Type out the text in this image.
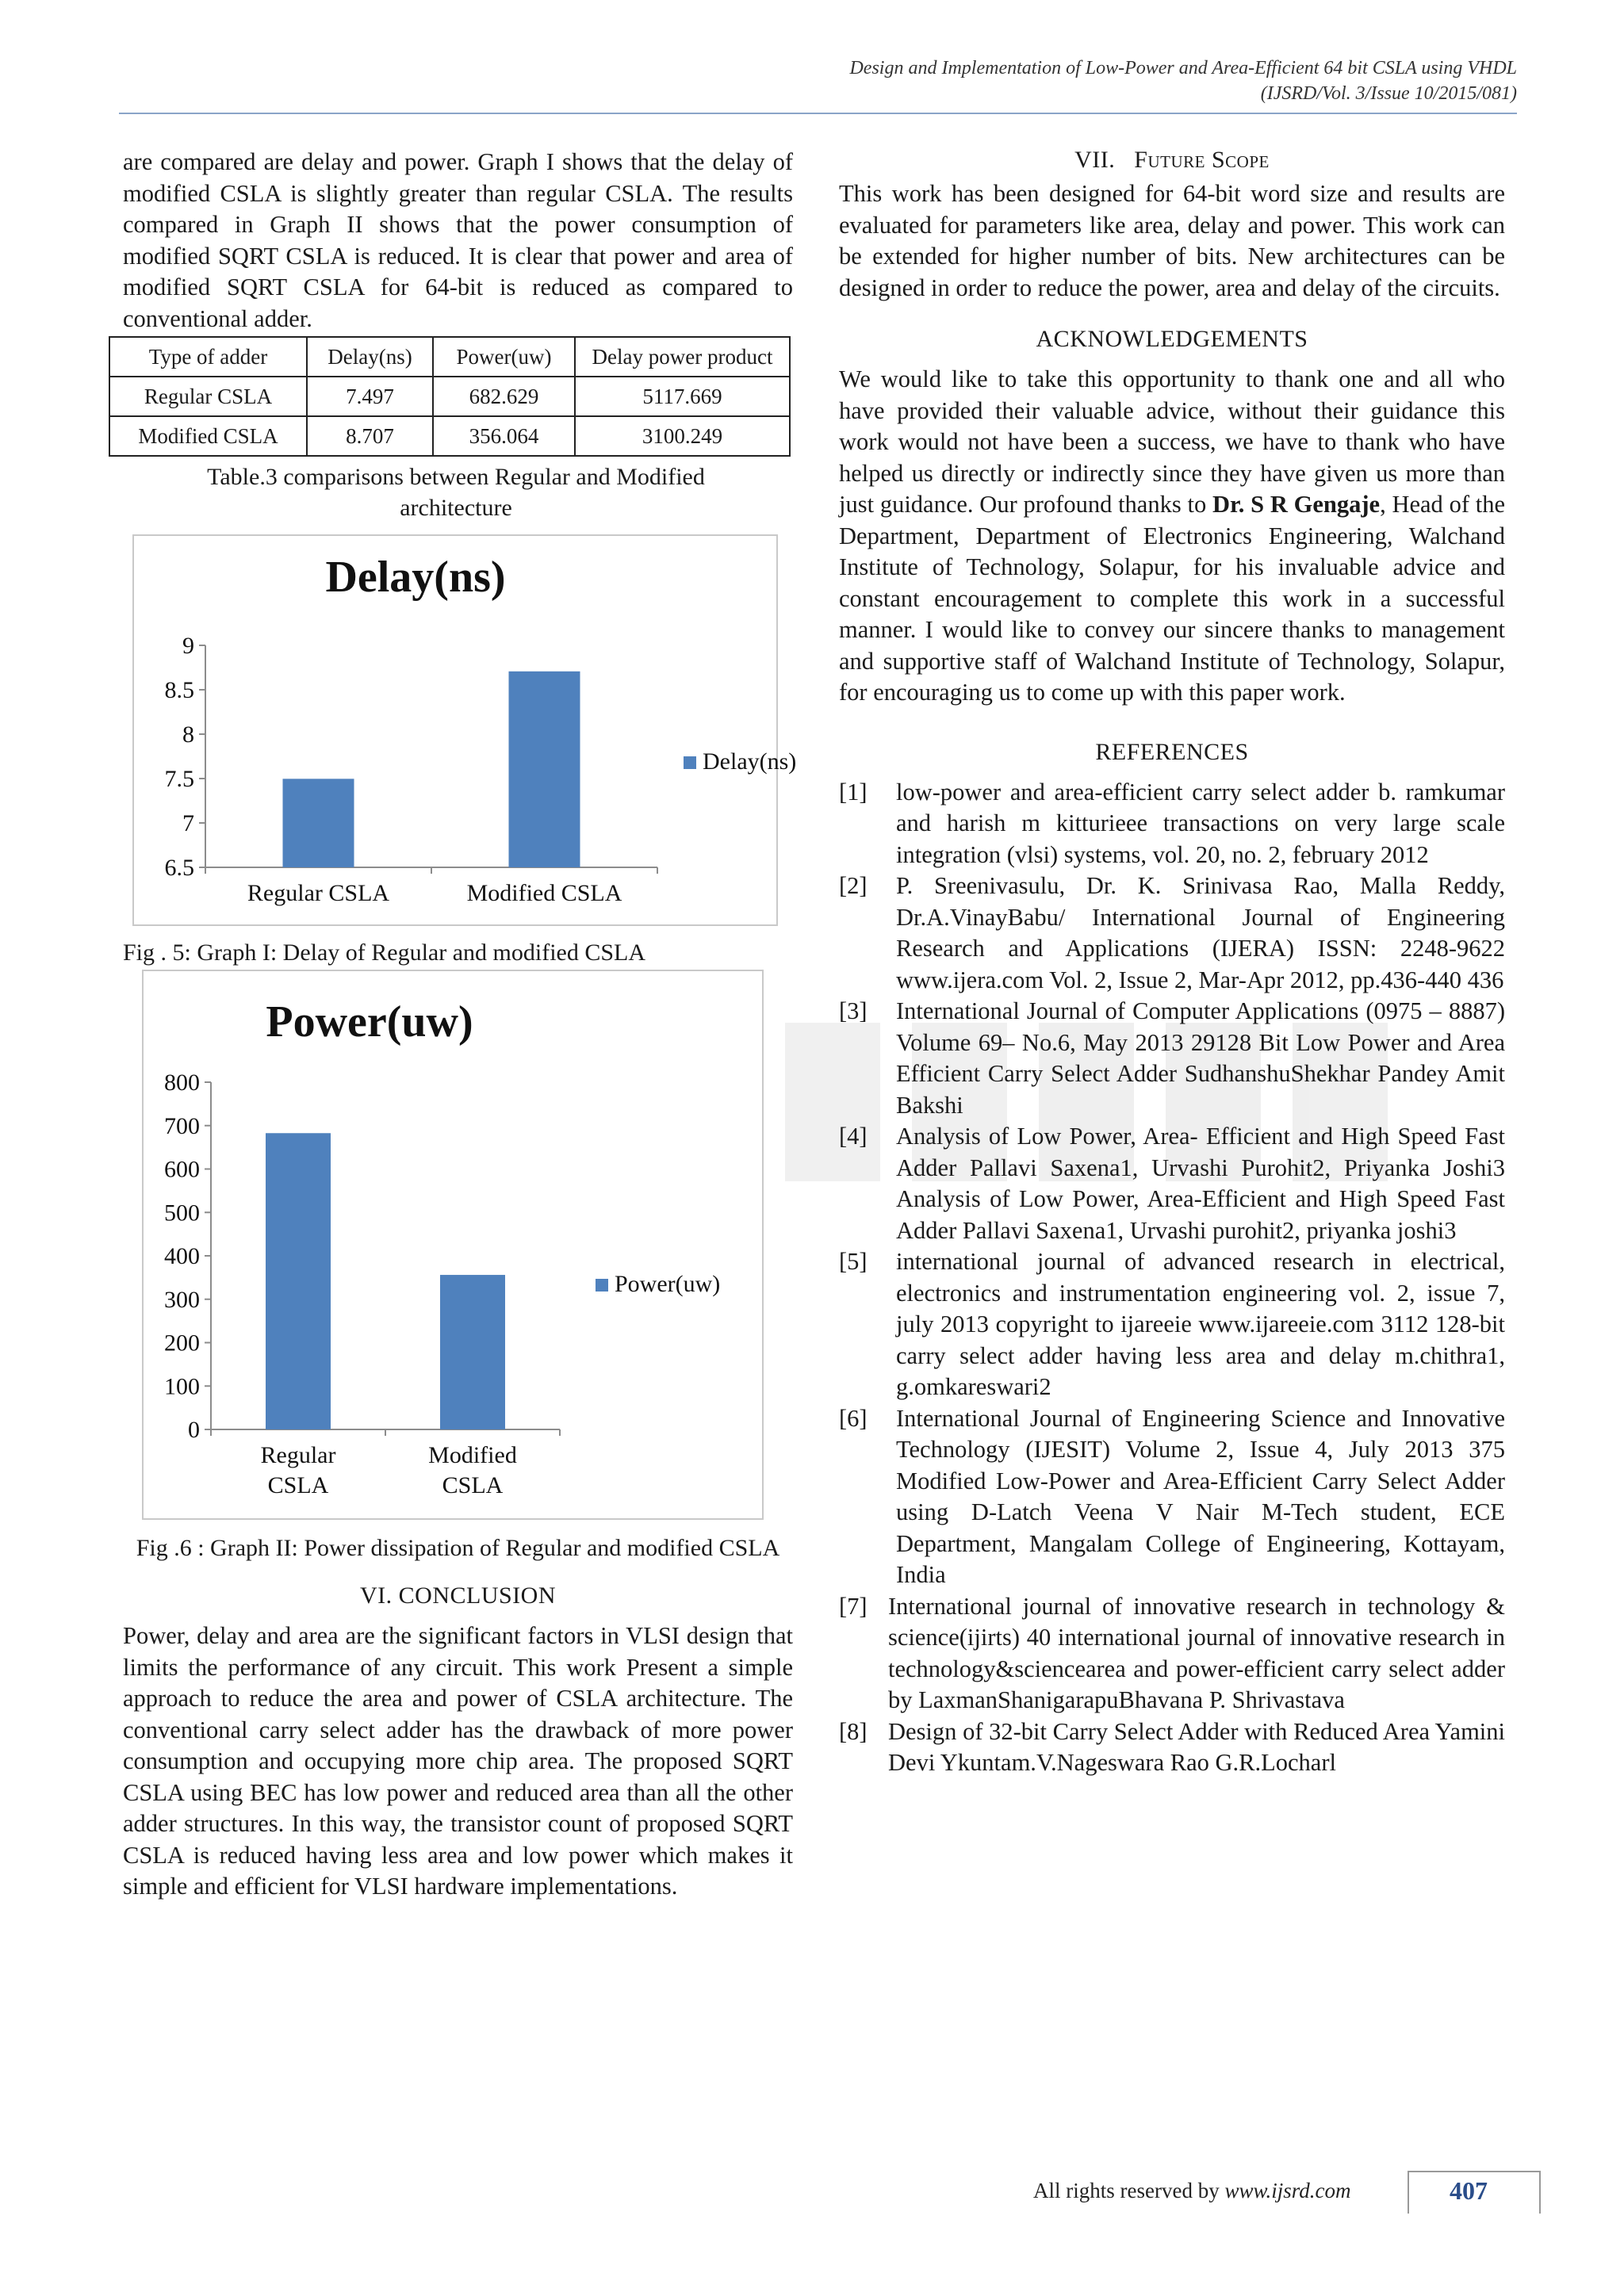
Design and Implementation of Low-Power and Area-Efficient 64 bit CSLA using VHDL
(IJSRD/Vol. 3/Issue 10/2015/081)

are compared are delay and power. Graph I shows that the delay of modified CSLA is slightly greater than regular CSLA. The results compared in Graph II shows that the power consumption of modified SQRT CSLA is reduced. It is clear that power and area of modified SQRT CSLA for 64-bit is reduced as compared to conventional adder.

Type of adder	Delay(ns)	Power(uw)	Delay power product
Regular CSLA	7.497	682.629	5117.669
Modified CSLA	8.707	356.064	3100.249

Table.3 comparisons between Regular and Modified architecture

Delay(ns)
9
8.5
8
7.5
7
6.5
Regular CSLA	Modified CSLA
Delay(ns)

Fig . 5: Graph I: Delay of Regular and modified CSLA

Power(uw)
800
700
600
500
400
300
200
100
0
Regular
CSLA
Modified
CSLA
Power(uw)

Fig .6 : Graph II: Power dissipation of Regular and modified CSLA

VI. CONCLUSION

Power, delay and area are the significant factors in VLSI design that limits the performance of any circuit. This work Present a simple approach to reduce the area and power of CSLA architecture. The conventional carry select adder has the drawback of more power consumption and occupying more chip area. The proposed SQRT CSLA using BEC has low power and reduced area than all the other adder structures. In this way, the transistor count of proposed SQRT CSLA is reduced having less area and low power which makes it simple and efficient for VLSI hardware implementations.

VII. Future Scope

This work has been designed for 64-bit word size and results are evaluated for parameters like area, delay and power. This work can be extended for higher number of bits. New architectures can be designed in order to reduce the power, area and delay of the circuits.

ACKNOWLEDGEMENTS

We would like to take this opportunity to thank one and all who have provided their valuable advice, without their guidance this work would not have been a success, we have to thank who have helped us directly or indirectly since they have given us more than just guidance. Our profound thanks to Dr. S R Gengaje, Head of the Department, Department of Electronics Engineering, Walchand Institute of Technology, Solapur, for his invaluable advice and constant encouragement to complete this work in a successful manner. I would like to convey our sincere thanks to management and supportive staff of Walchand Institute of Technology, Solapur, for encouraging us to come up with this paper work.

REFERENCES
[1]	low-power and area-efficient carry select adder b. ramkumar and harish m kitturieee transactions on very large scale integration (vlsi) systems, vol. 20, no. 2, february 2012
[2]	P. Sreenivasulu, Dr. K. Srinivasa Rao, Malla Reddy, Dr.A.VinayBabu/ International Journal of Engineering Research and Applications (IJERA) ISSN: 2248-9622 www.ijera.com Vol. 2, Issue 2, Mar-Apr 2012, pp.436-440 436
[3]	International Journal of Computer Applications (0975 – 8887) Volume 69– No.6, May 2013 29128 Bit Low Power and Area Efficient Carry Select Adder SudhanshuShekhar Pandey Amit Bakshi
[4]	Analysis of Low Power, Area- Efficient and High Speed Fast Adder Pallavi Saxena1, Urvashi Purohit2, Priyanka Joshi3 Analysis of Low Power, Area-Efficient and High Speed Fast Adder Pallavi Saxena1, Urvashi purohit2, priyanka joshi3
[5]	international journal of advanced research in electrical, electronics and instrumentation engineering vol. 2, issue 7, july 2013 copyright to ijareeie www.ijareeie.com 3112 128-bit carry select adder having less area and delay m.chithra1, g.omkareswari2
[6]	International Journal of Engineering Science and Innovative Technology (IJESIT) Volume 2, Issue 4, July 2013 375 Modified Low-Power and Area-Efficient Carry Select Adder using D-Latch Veena V Nair M-Tech student, ECE Department, Mangalam College of Engineering, Kottayam, India
[7] International journal of innovative research in technology & science(ijirts) 40 international journal of innovative research in technology&sciencearea and power-efficient carry select adder by LaxmanShanigarapuBhavana P. Shrivastava
[8] Design of 32-bit Carry Select Adder with Reduced Area Yamini Devi Ykuntam.V.Nageswara Rao G.R.Locharl
All rights reserved by www.ijsrd.com	407
